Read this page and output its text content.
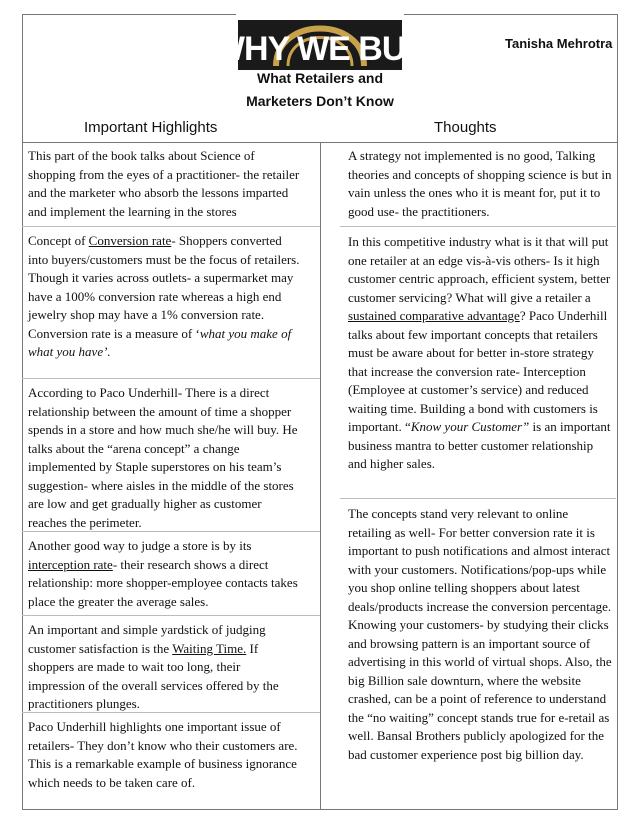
WHY WE BUY	Tanisha Mehrotra
What Retailers and
Marketers Don’t Know
Important Highlights	Thoughts
This part of the book talks about Science of shopping from the eyes of a practitioner- the retailer and the marketer who absorb the lessons imparted and implement the learning in the stores
Concept of Conversion rate- Shoppers converted into buyers/customers must be the focus of retailers. Though it varies across outlets- a supermarket may have a 100% conversion rate whereas a high end jewelry shop may have a 1% conversion rate.
Conversion rate is a measure of ‘what you make of what you have’.
According to Paco Underhill- There is a direct relationship between the amount of time a shopper spends in a store and how much she/he will buy. He talks about the “arena concept” a change implemented by Staple superstores on his team’s suggestion- where aisles in the middle of the stores are low and get gradually higher as customer reaches the perimeter.
Another good way to judge a store is by its interception rate- their research shows a direct relationship: more shopper-employee contacts takes place the greater the average sales.
An important and simple yardstick of judging customer satisfaction is the Waiting Time. If shoppers are made to wait too long, their impression of the overall services offered by the practitioners plunges.
Paco Underhill highlights one important issue of retailers- They don’t know who their customers are. This is a remarkable example of business ignorance which needs to be taken care of.
A strategy not implemented is no good, Talking theories and concepts of shopping science is but in vain unless the ones who it is meant for, put it to good use- the practitioners.
In this competitive industry what is it that will put one retailer at an edge vis-à-vis others- Is it high customer centric approach, efficient system, better customer servicing? What will give a retailer a sustained comparative advantage? Paco Underhill talks about few important concepts that retailers must be aware about for better in-store strategy that increase the conversion rate- Interception (Employee at customer’s service) and reduced waiting time. Building a bond with customers is important. “Know your Customer” is an important business mantra to better customer relationship and higher sales.
The concepts stand very relevant to online retailing as well- For better conversion rate it is important to push notifications and almost interact with your customers. Notifications/pop-ups while you shop online telling shoppers about latest deals/products increase the conversion percentage. Knowing your customers- by studying their clicks and browsing pattern is an important source of advertising in this world of virtual shops. Also, the big Billion sale downturn, where the website crashed, can be a point of reference to understand the “no waiting” concept stands true for e-retail as well. Bansal Brothers publicly apologized for the bad customer experience post big billion day.
